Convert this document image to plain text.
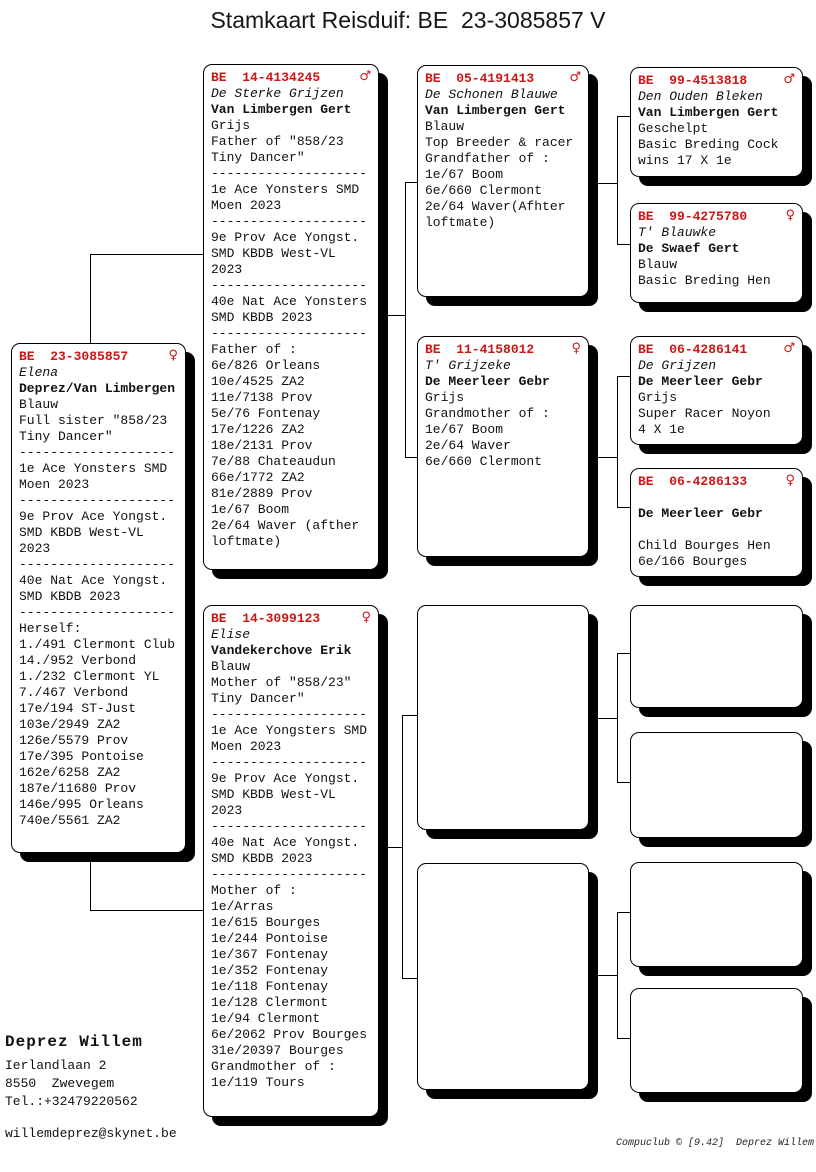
Stamkaart Reisduif: BE  23-3085857 V
BE  23-3085857	♀
Elena
Deprez/Van Limbergen
Blauw
Full sister "858/23
Tiny Dancer"
--------------------
1e Ace Yonsters SMD
Moen 2023
--------------------
9e Prov Ace Yongst.
SMD KBDB West-VL
2023
--------------------
40e Nat Ace Yongst.
SMD KBDB 2023
--------------------
Herself:
1./491 Clermont Club
14./952 Verbond
1./232 Clermont YL
7./467 Verbond
17e/194 ST-Just
103e/2949 ZA2
126e/5579 Prov
17e/395 Pontoise
162e/6258 ZA2
187e/11680 Prov
146e/995 Orleans
740e/5561 ZA2
BE  14-4134245	♂
De Sterke Grijzen
Van Limbergen Gert
Grijs
Father of "858/23
Tiny Dancer"
--------------------
1e Ace Yonsters SMD
Moen 2023
--------------------
9e Prov Ace Yongst.
SMD KBDB West-VL
2023
--------------------
40e Nat Ace Yonsters
SMD KBDB 2023
--------------------
Father of :
6e/826 Orleans
10e/4525 ZA2
11e/7138 Prov
5e/76 Fontenay
17e/1226 ZA2
18e/2131 Prov
7e/88 Chateaudun
66e/1772 ZA2
81e/2889 Prov
1e/67 Boom
2e/64 Waver (afther
loftmate)
BE  14-3099123	♀
Elise
Vandekerchove Erik
Blauw
Mother of "858/23"
Tiny Dancer"
--------------------
1e Ace Yongsters SMD
Moen 2023
--------------------
9e Prov Ace Yongst.
SMD KBDB West-VL
2023
--------------------
40e Nat Ace Yongst.
SMD KBDB 2023
--------------------
Mother of :
1e/Arras
1e/615 Bourges
1e/244 Pontoise
1e/367 Fontenay
1e/352 Fontenay
1e/118 Fontenay
1e/128 Clermont
1e/94 Clermont
6e/2062 Prov Bourges
31e/20397 Bourges
Grandmother of :
1e/119 Tours
BE  05-4191413	♂
De Schonen Blauwe
Van Limbergen Gert
Blauw
Top Breeder & racer
Grandfather of :
1e/67 Boom
6e/660 Clermont
2e/64 Waver(Afhter
loftmate)
BE  11-4158012	♀
T' Grijzeke
De Meerleer Gebr
Grijs
Grandmother of :
1e/67 Boom
2e/64 Waver
6e/660 Clermont
BE  99-4513818	♂
Den Ouden Bleken
Van Limbergen Gert
Geschelpt
Basic Breding Cock
wins 17 X 1e
BE  99-4275780	♀
T' Blauwke
De Swaef Gert
Blauw
Basic Breding Hen
BE  06-4286141	♂
De Grijzen
De Meerleer Gebr
Grijs
Super Racer Noyon
4 X 1e
BE  06-4286133	♀

De Meerleer Gebr

Child Bourges Hen
6e/166 Bourges
Deprez Willem
Ierlandlaan 2
8550  Zwevegem
Tel.:+32479220562
willemdeprez@skynet.be
Compuclub © [9.42]  Deprez Willem
